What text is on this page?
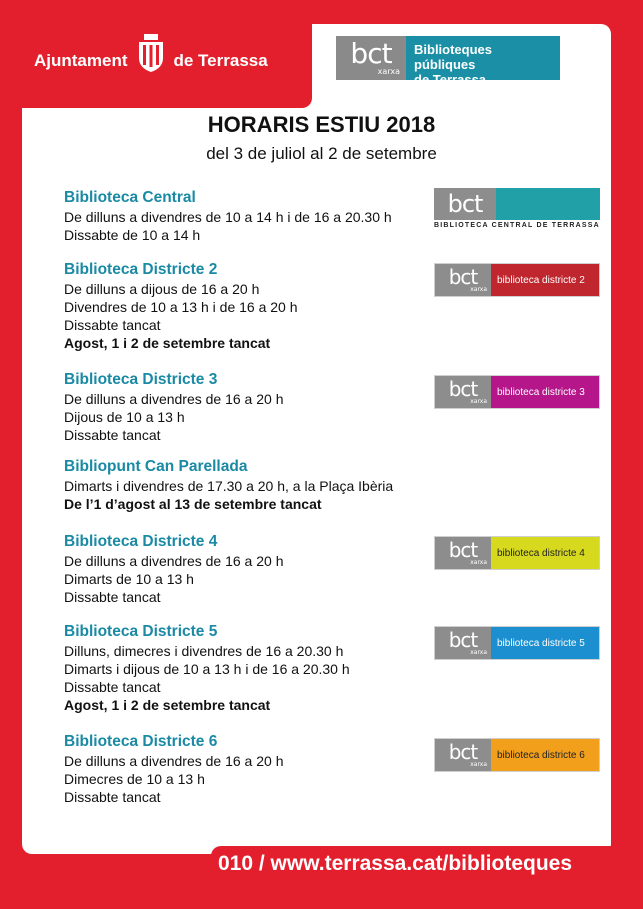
Ajuntament	de Terrassa	bct
xarxa
Biblioteques públiques
de Terrassa
HORARIS ESTIU 2018
del 3 de juliol al 2 de setembre
Biblioteca Central
De dilluns a divendres de 10 a 14 h i de 16 a 20.30 h
Dissabte de 10 a 14 h
bct
BIBLIOTECA CENTRAL DE TERRASSA
Biblioteca Districte 2
De dilluns a dijous de 16 a 20 h
Divendres de 10 a 13 h i de 16 a 20 h
Dissabte tancat
Agost, 1 i 2 de setembre tancat
bct
xarxa
biblioteca districte 2
Biblioteca Districte 3
De dilluns a divendres de 16 a 20 h
Dijous de 10 a 13 h
Dissabte tancat
bct
xarxa
biblioteca districte 3
Bibliopunt Can Parellada
Dimarts i divendres de 17.30 a 20 h, a la Plaça Ibèria
De l’1 d’agost al 13 de setembre tancat
Biblioteca Districte 4
De dilluns a divendres de 16 a 20 h
Dimarts de 10 a 13 h
Dissabte tancat
bct
xarxa
biblioteca districte 4
Biblioteca Districte 5
Dilluns, dimecres i divendres de 16 a 20.30 h
Dimarts i dijous de 10 a 13 h i de 16 a 20.30 h
Dissabte tancat
Agost, 1 i 2 de setembre tancat
bct
xarxa
biblioteca districte 5
Biblioteca Districte 6
De dilluns a divendres de 16 a 20 h
Dimecres de 10 a 13 h
Dissabte tancat
bct
xarxa
biblioteca districte 6
010 / www.terrassa.cat/biblioteques
